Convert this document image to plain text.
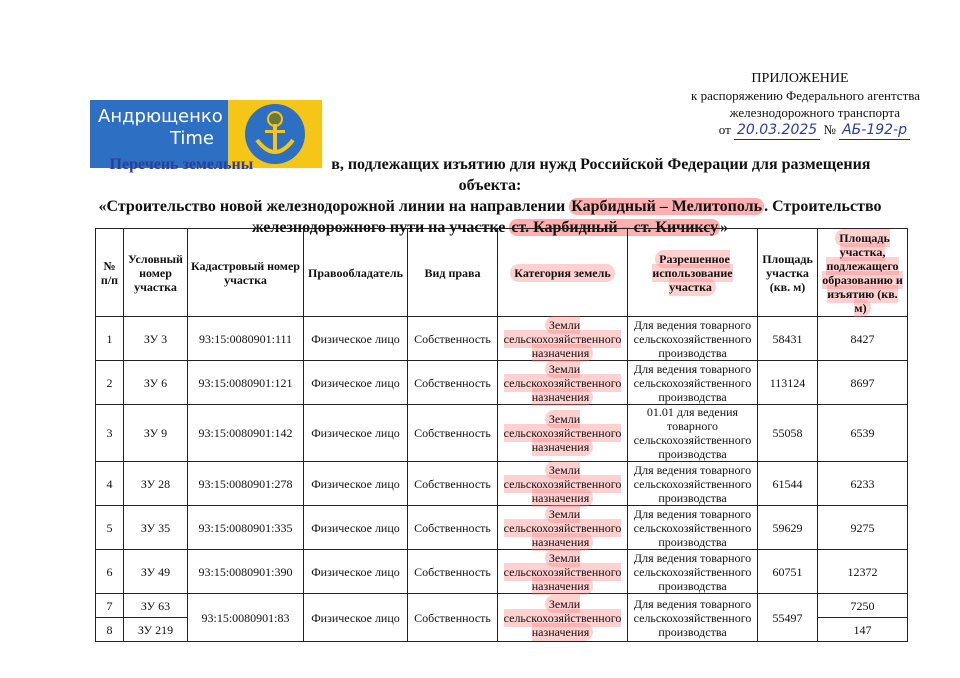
ПРИЛОЖЕНИЕ
к распоряжению Федерального агентства
железнодорожного транспорта
от 20.03.2025 № АБ-192-р
Андрющенко
Time
Перечень земельны	в, подлежащих изъятию для нужд Российской Федерации для размещения объекта:
«Строительство новой железнодорожной линии на направлении Карбидный – Мелитополь . Строительство
железнодорожного пути на участке ст. Карбидный – ст. Кичиксу »
№ п/п	Условный номер участка	Кадастровый номер участка	Правообладатель	Вид права	Категория земель	Разрешенное использование участка	Площадь участка (кв. м)	Площадь участка, подлежащего образованию и изъятию (кв. м)
1	ЗУ 3	93:15:0080901:111	Физическое лицо	Собственность	Земли сельскохозяйственного назначения	Для ведения товарного сельскохозяйственного производства	58431	8427
2	ЗУ 6	93:15:0080901:121	Физическое лицо	Собственность	Земли сельскохозяйственного назначения	Для ведения товарного сельскохозяйственного производства	113124	8697
3	ЗУ 9	93:15:0080901:142	Физическое лицо	Собственность	Земли сельскохозяйственного назначения	01.01 для ведения товарного сельскохозяйственного производства	55058	6539
4	ЗУ 28	93:15:0080901:278	Физическое лицо	Собственность	Земли сельскохозяйственного назначения	Для ведения товарного сельскохозяйственного производства	61544	6233
5	ЗУ 35	93:15:0080901:335	Физическое лицо	Собственность	Земли сельскохозяйственного назначения	Для ведения товарного сельскохозяйственного производства	59629	9275
6	ЗУ 49	93:15:0080901:390	Физическое лицо	Собственность	Земли сельскохозяйственного назначения	Для ведения товарного сельскохозяйственного производства	60751	12372
7	ЗУ 63	93:15:0080901:83	Физическое лицо	Собственность	Земли сельскохозяйственного назначения	Для ведения товарного сельскохозяйственного производства	55497	7250
8	ЗУ 219							147
